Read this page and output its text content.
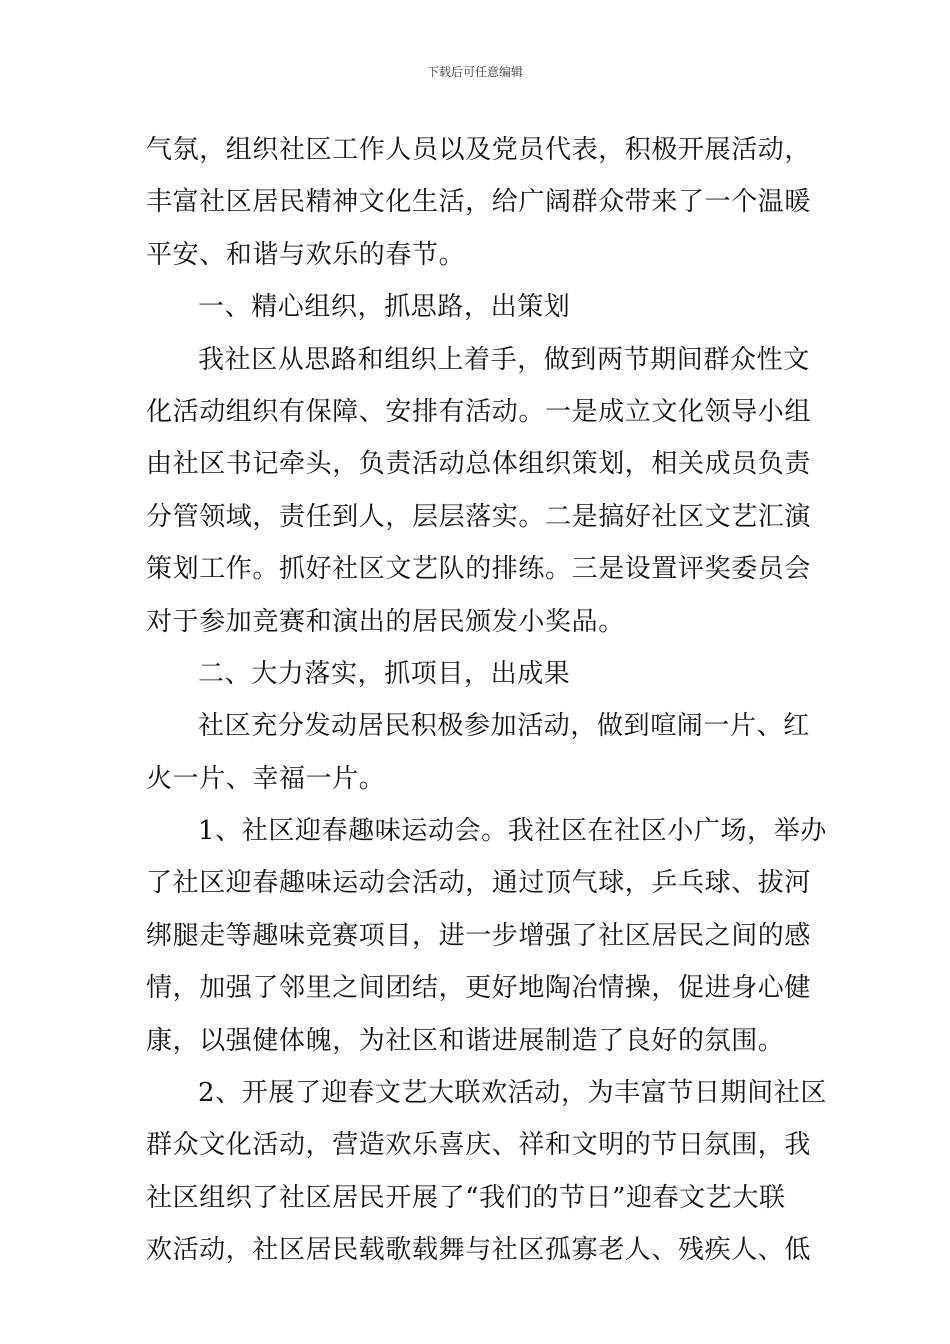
下载后可任意编辑
气氛，组织社区工作人员以及党员代表，积极开展活动，
丰富社区居民精神文化生活，给广阔群众带来了一个温暖
平安、和谐与欢乐的春节。
一、精心组织，抓思路，出策划
我社区从思路和组织上着手，做到两节期间群众性文
化活动组织有保障、安排有活动。一是成立文化领导小组
由社区书记牵头，负责活动总体组织策划，相关成员负责
分管领域，责任到人，层层落实。二是搞好社区文艺汇演
策划工作。抓好社区文艺队的排练。三是设置评奖委员会
对于参加竞赛和演出的居民颁发小奖品。
二、大力落实，抓项目，出成果
社区充分发动居民积极参加活动，做到喧闹一片、红
火一片、幸福一片。
1、社区迎春趣味运动会。我社区在社区小广场，举办
了社区迎春趣味运动会活动，通过顶气球，乒乓球、拔河
绑腿走等趣味竞赛项目，进一步增强了社区居民之间的感
情，加强了邻里之间团结，更好地陶冶情操，促进身心健
康，以强健体魄，为社区和谐进展制造了良好的氛围。
2、开展了迎春文艺大联欢活动，为丰富节日期间社区
群众文化活动，营造欢乐喜庆、祥和文明的节日氛围，我
社区组织了社区居民开展了“我们的节日”迎春文艺大联
欢活动，社区居民载歌载舞与社区孤寡老人、残疾人、低
